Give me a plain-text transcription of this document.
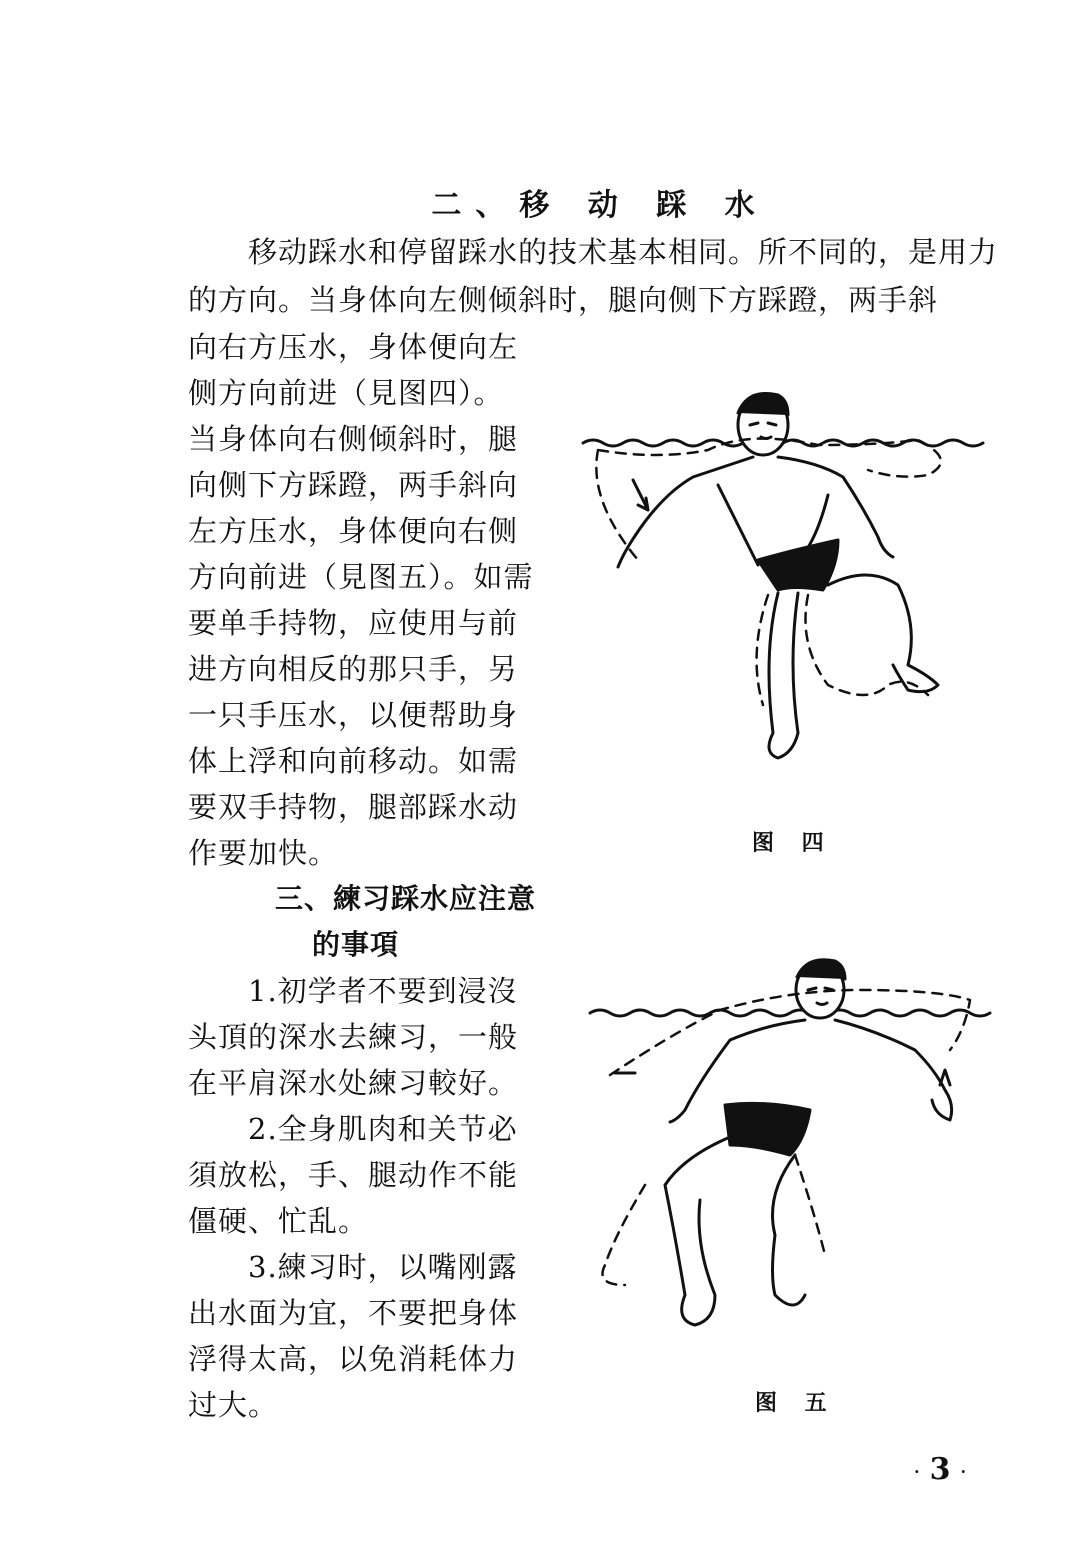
二、移 动 踩 水

移动踩水和停留踩水的技术基本相同。所不同的，是用力的方向。当身体向左侧倾斜时，腿向侧下方踩蹬，两手斜

向右方压水，身体便向左侧方向前进（見图四）。

当身体向右侧倾斜时，腿向侧下方踩蹬，两手斜向左方压水，身体便向右侧方向前进（見图五）。如需要单手持物，应使用与前进方向相反的那只手，另一只手压水，以便帮助身体上浮和向前移动。如需要双手持物，腿部踩水动作要加快。

三、練习踩水应注意
的事項

1.初学者不要到浸沒头頂的深水去練习，一般在平肩深水处練习較好。

2.全身肌肉和关节必須放松，手、腿动作不能僵硬、忙乱。

3.練习时，以嘴刚露出水面为宜，不要把身体浮得太高，以免消耗体力过大。

图 四
图 五
· 3 ·
